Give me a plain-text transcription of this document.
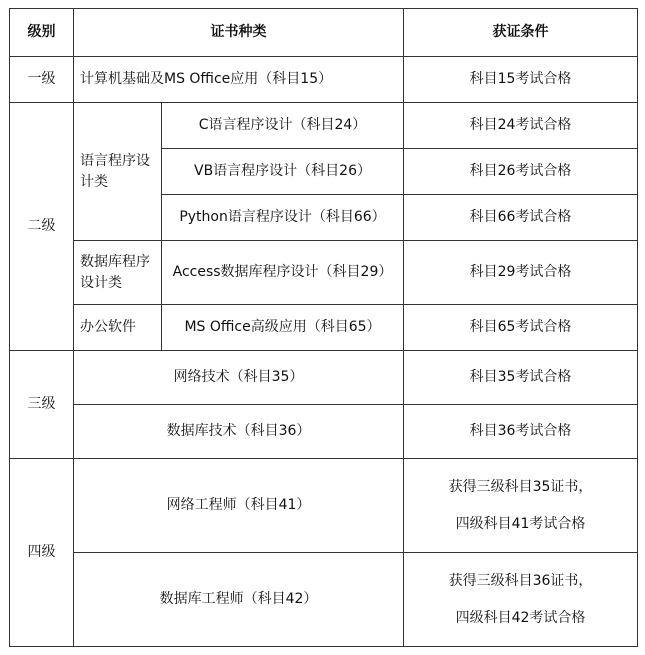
级别	证书种类		获证条件
一级	计算机基础及MS Office应用（科目15）		科目15考试合格
二级	语言程序设计类	C语言程序设计（科目24）	科目24考试合格
		VB语言程序设计（科目26）	科目26考试合格
		Python语言程序设计（科目66）	科目66考试合格
	数据库程序设计类	Access数据库程序设计（科目29）	科目29考试合格
	办公软件	MS Office高级应用（科目65）	科目65考试合格
三级	网络技术（科目35）		科目35考试合格
	数据库技术（科目36）		科目36考试合格
四级	网络工程师（科目41）		获得三级科目35证书，
四级科目41考试合格
	数据库工程师（科目42）		获得三级科目36证书，
四级科目42考试合格
